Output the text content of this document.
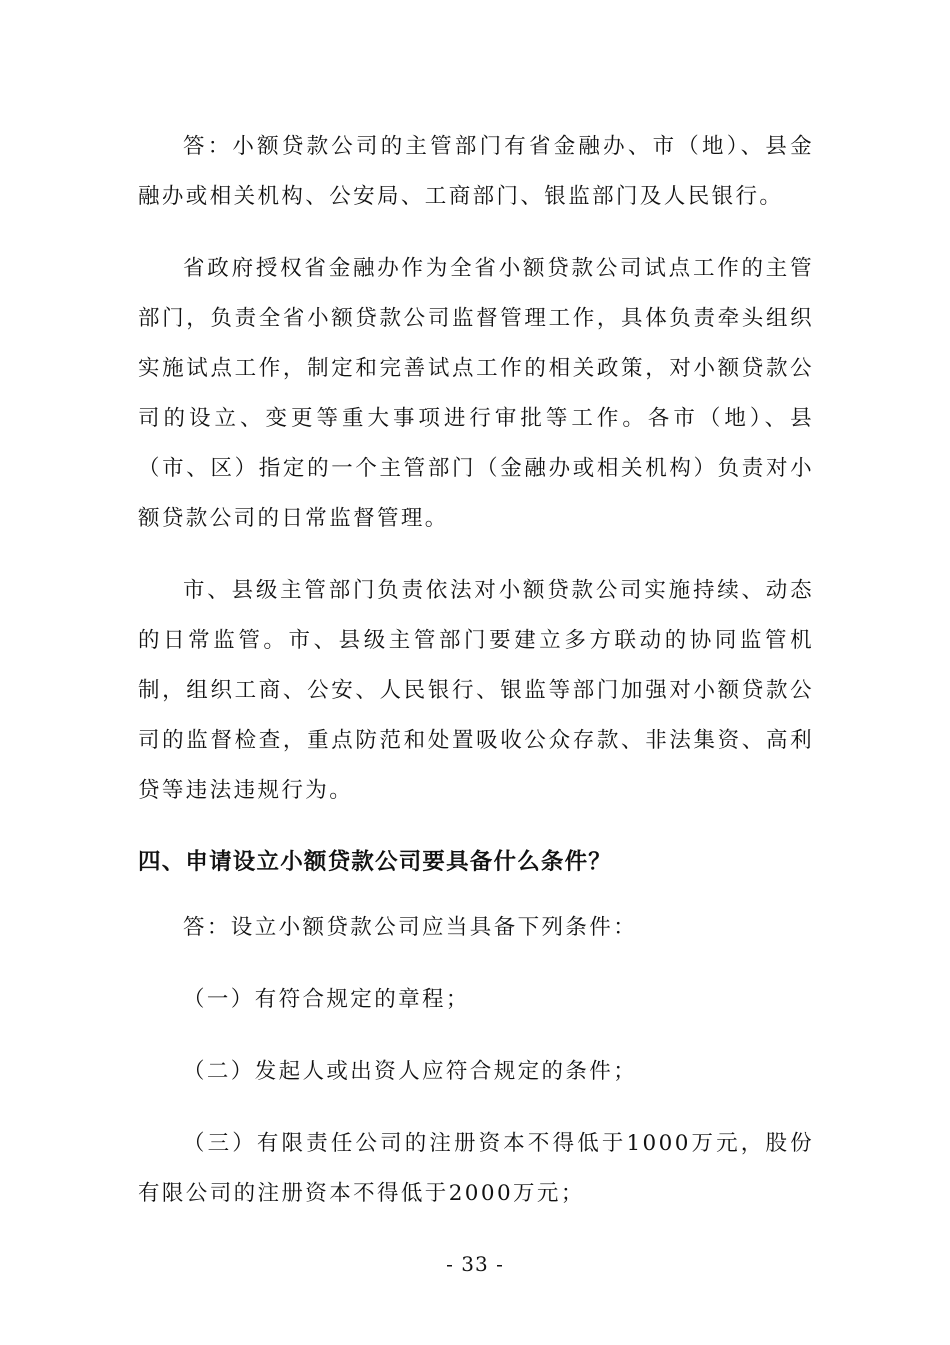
答：小额贷款公司的主管部门有省金融办、市（地）、县金融办或相关机构、公安局、工商部门、银监部门及人民银行。

省政府授权省金融办作为全省小额贷款公司试点工作的主管部门，负责全省小额贷款公司监督管理工作，具体负责牵头组织实施试点工作，制定和完善试点工作的相关政策，对小额贷款公司的设立、变更等重大事项进行审批等工作。各市（地）、县（市、区）指定的一个主管部门（金融办或相关机构）负责对小额贷款公司的日常监督管理。

市、县级主管部门负责依法对小额贷款公司实施持续、动态的日常监管。市、县级主管部门要建立多方联动的协同监管机制，组织工商、公安、人民银行、银监等部门加强对小额贷款公司的监督检查，重点防范和处置吸收公众存款、非法集资、高利贷等违法违规行为。

四、申请设立小额贷款公司要具备什么条件？

答：设立小额贷款公司应当具备下列条件：

（一）有符合规定的章程；

（二）发起人或出资人应符合规定的条件；

（三）有限责任公司的注册资本不得低于1000万元，股份有限公司的注册资本不得低于2000万元；

- 33 -
